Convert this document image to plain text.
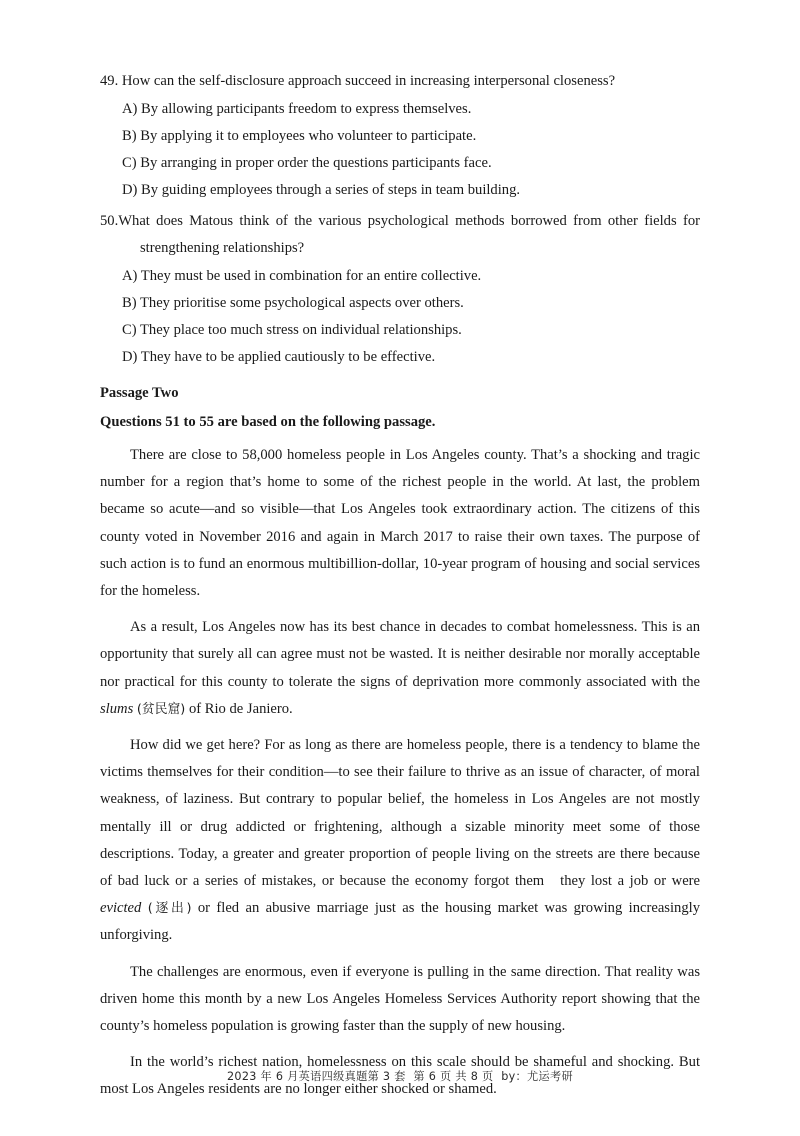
49. How can the self-disclosure approach succeed in increasing interpersonal closeness?

A) By allowing participants freedom to express themselves.
B) By applying it to employees who volunteer to participate.
C) By arranging in proper order the questions participants face.
D) By guiding employees through a series of steps in team building.

50.What does Matous think of the various psychological methods borrowed from other fields for strengthening relationships?

A) They must be used in combination for an entire collective.
B) They prioritise some psychological aspects over others.
C) They place too much stress on individual relationships.
D) They have to be applied cautiously to be effective.

Passage Two

Questions 51 to 55 are based on the following passage.

There are close to 58,000 homeless people in Los Angeles county. That’s a shocking and tragic number for a region that’s home to some of the richest people in the world. At last, the problem became so acute—and so visible—that Los Angeles took extraordinary action. The citizens of this county voted in November 2016 and again in March 2017 to raise their own taxes. The purpose of such action is to fund an enormous multibillion-dollar, 10-year program of housing and social services for the homeless.

As a result, Los Angeles now has its best chance in decades to combat homelessness. This is an opportunity that surely all can agree must not be wasted. It is neither desirable nor morally acceptable nor practical for this county to tolerate the signs of deprivation more commonly associated with the slums (贫民窟) of Rio de Janiero.

How did we get here? For as long as there are homeless people, there is a tendency to blame the victims themselves for their condition—to see their failure to thrive as an issue of character, of moral weakness, of laziness. But contrary to popular belief, the homeless in Los Angeles are not mostly mentally ill or drug addicted or frightening, although a sizable minority meet some of those descriptions. Today, a greater and greater proportion of people living on the streets are there because of bad luck or a series of mistakes, or because the economy forgot them they lost a job or were evicted (逐出) or fled an abusive marriage just as the housing market was growing increasingly unforgiving.

The challenges are enormous, even if everyone is pulling in the same direction. That reality was driven home this month by a new Los Angeles Homeless Services Authority report showing that the county’s homeless population is growing faster than the supply of new housing.

In the world’s richest nation, homelessness on this scale should be shameful and shocking. But most Los Angeles residents are no longer either shocked or shamed.

2023 年 6 月英语四级真题第 3 套 第 6 页 共 8 页 by：尤运考研
